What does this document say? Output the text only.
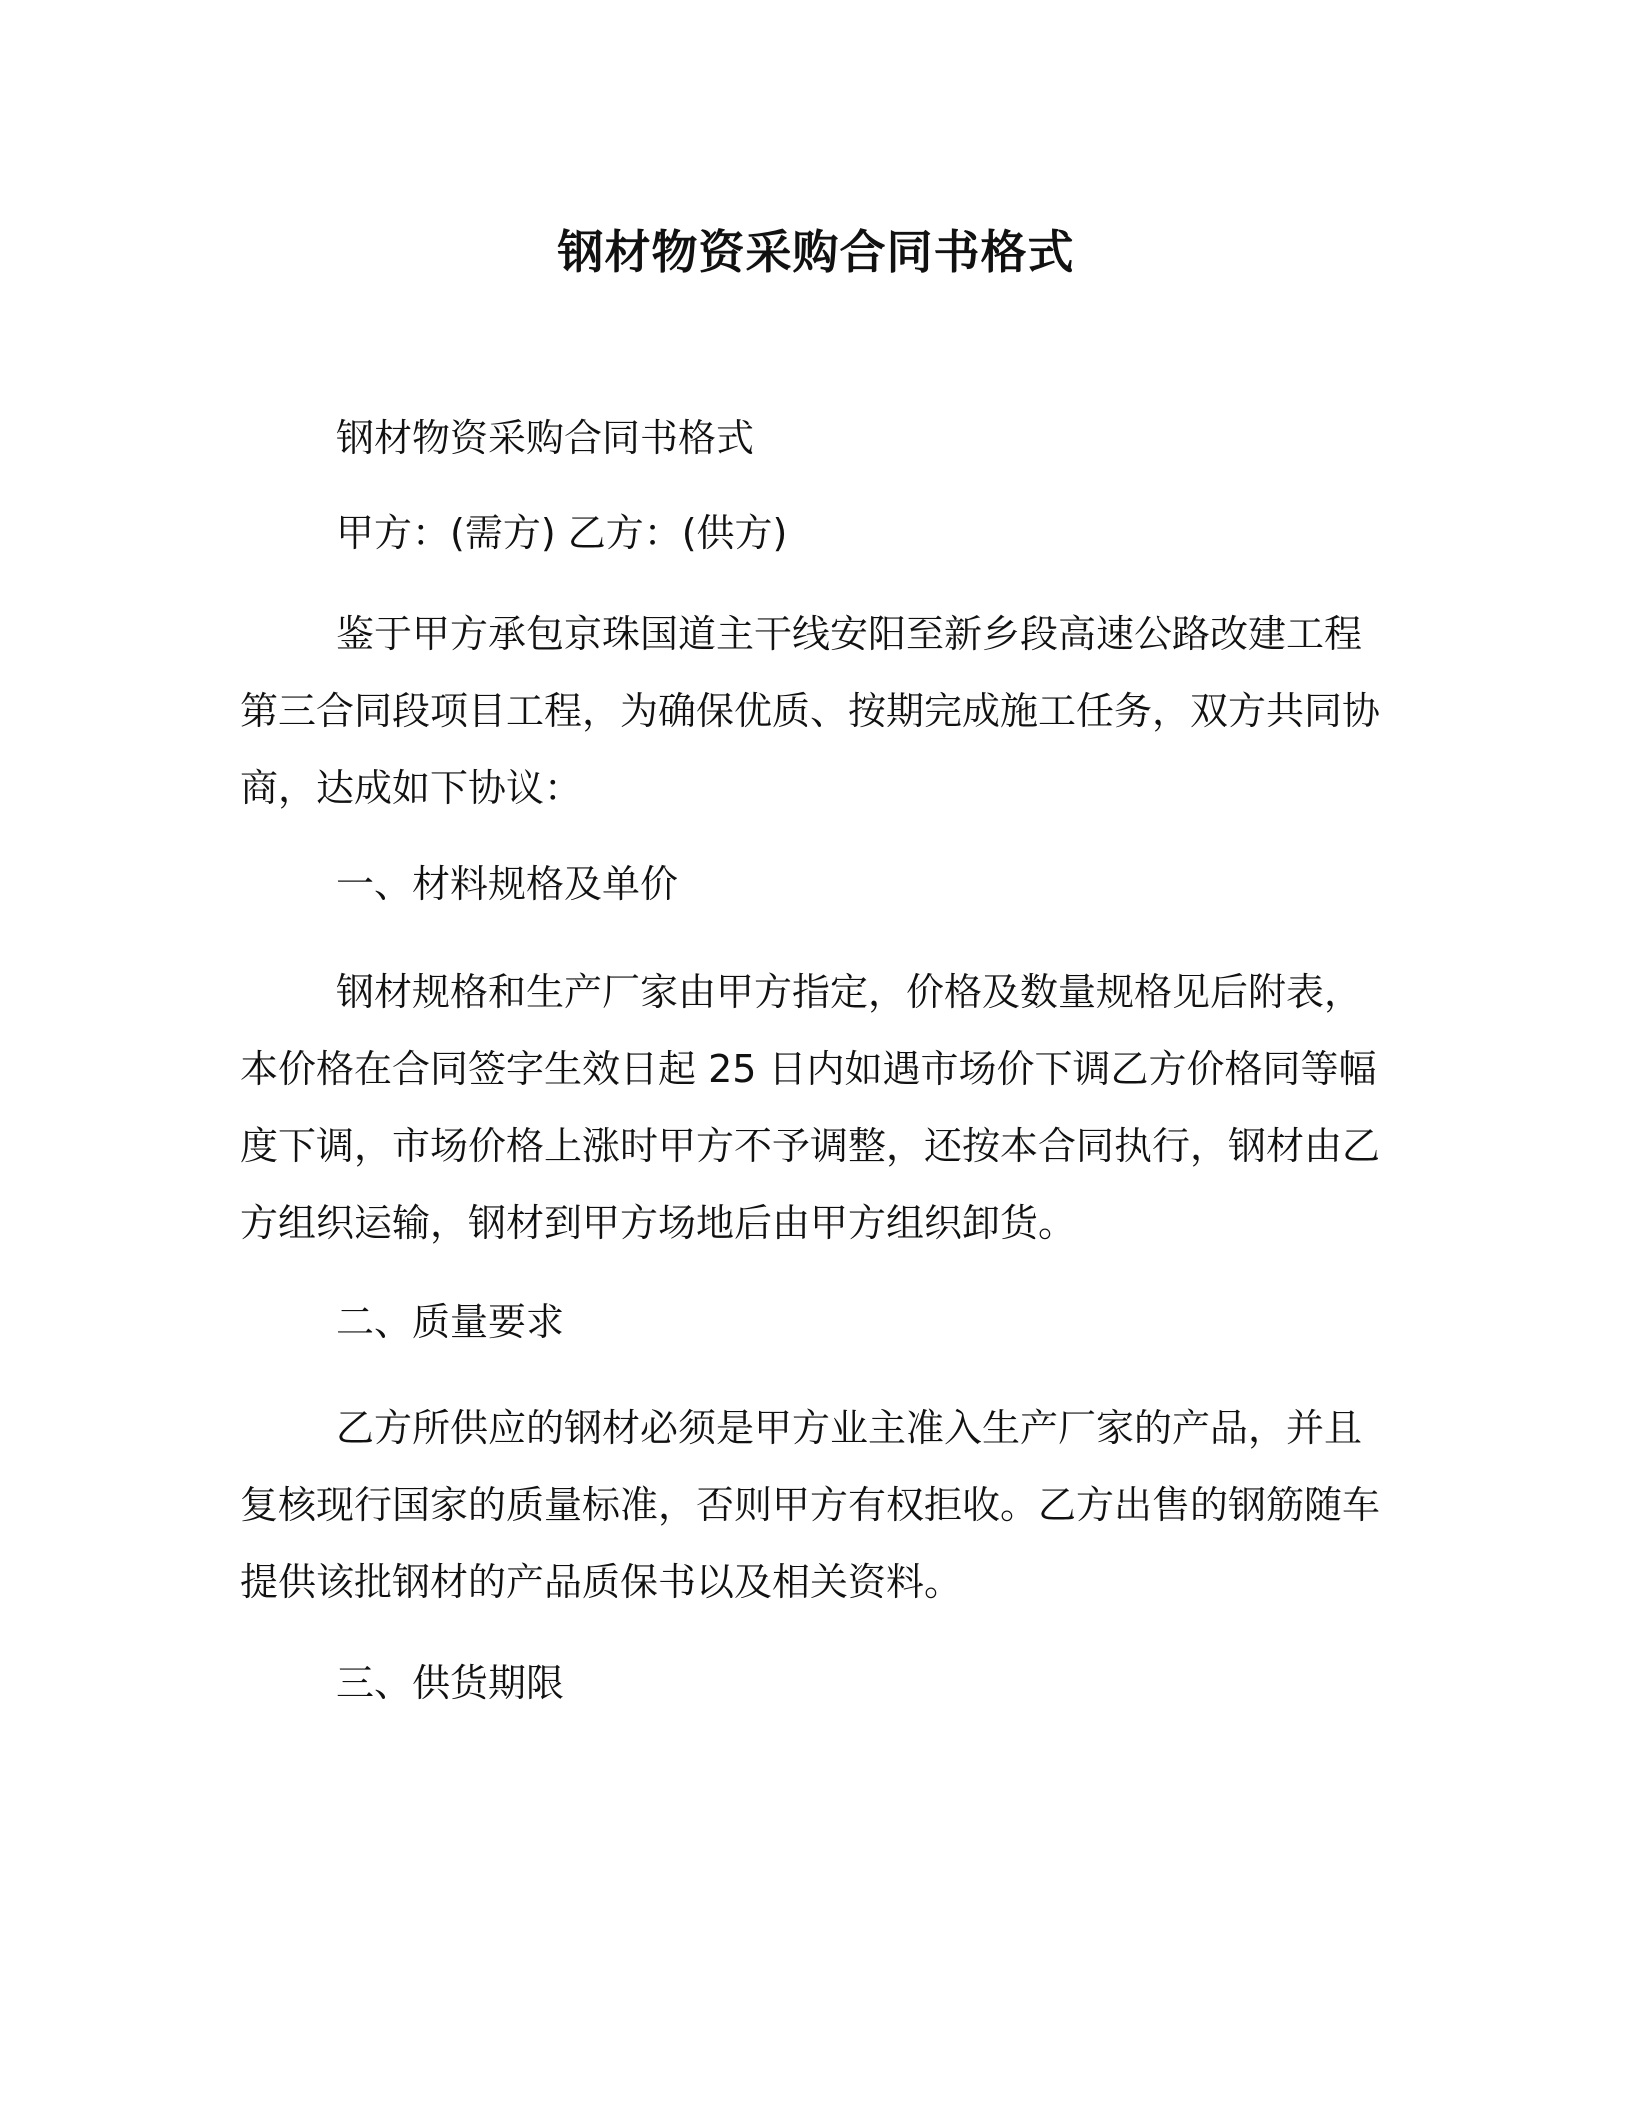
钢材物资采购合同书格式
钢材物资采购合同书格式
甲方：(需方) 乙方：(供方)
鉴于甲方承包京珠国道主干线安阳至新乡段高速公路改建工程第三合同段项目工程，为确保优质、按期完成施工任务，双方共同协商，达成如下协议：
一、材料规格及单价
钢材规格和生产厂家由甲方指定，价格及数量规格见后附表，本价格在合同签字生效日起 25 日内如遇市场价下调乙方价格同等幅度下调，市场价格上涨时甲方不予调整，还按本合同执行，钢材由乙方组织运输，钢材到甲方场地后由甲方组织卸货。
二、质量要求
乙方所供应的钢材必须是甲方业主准入生产厂家的产品，并且复核现行国家的质量标准，否则甲方有权拒收。乙方出售的钢筋随车提供该批钢材的产品质保书以及相关资料。
三、供货期限
